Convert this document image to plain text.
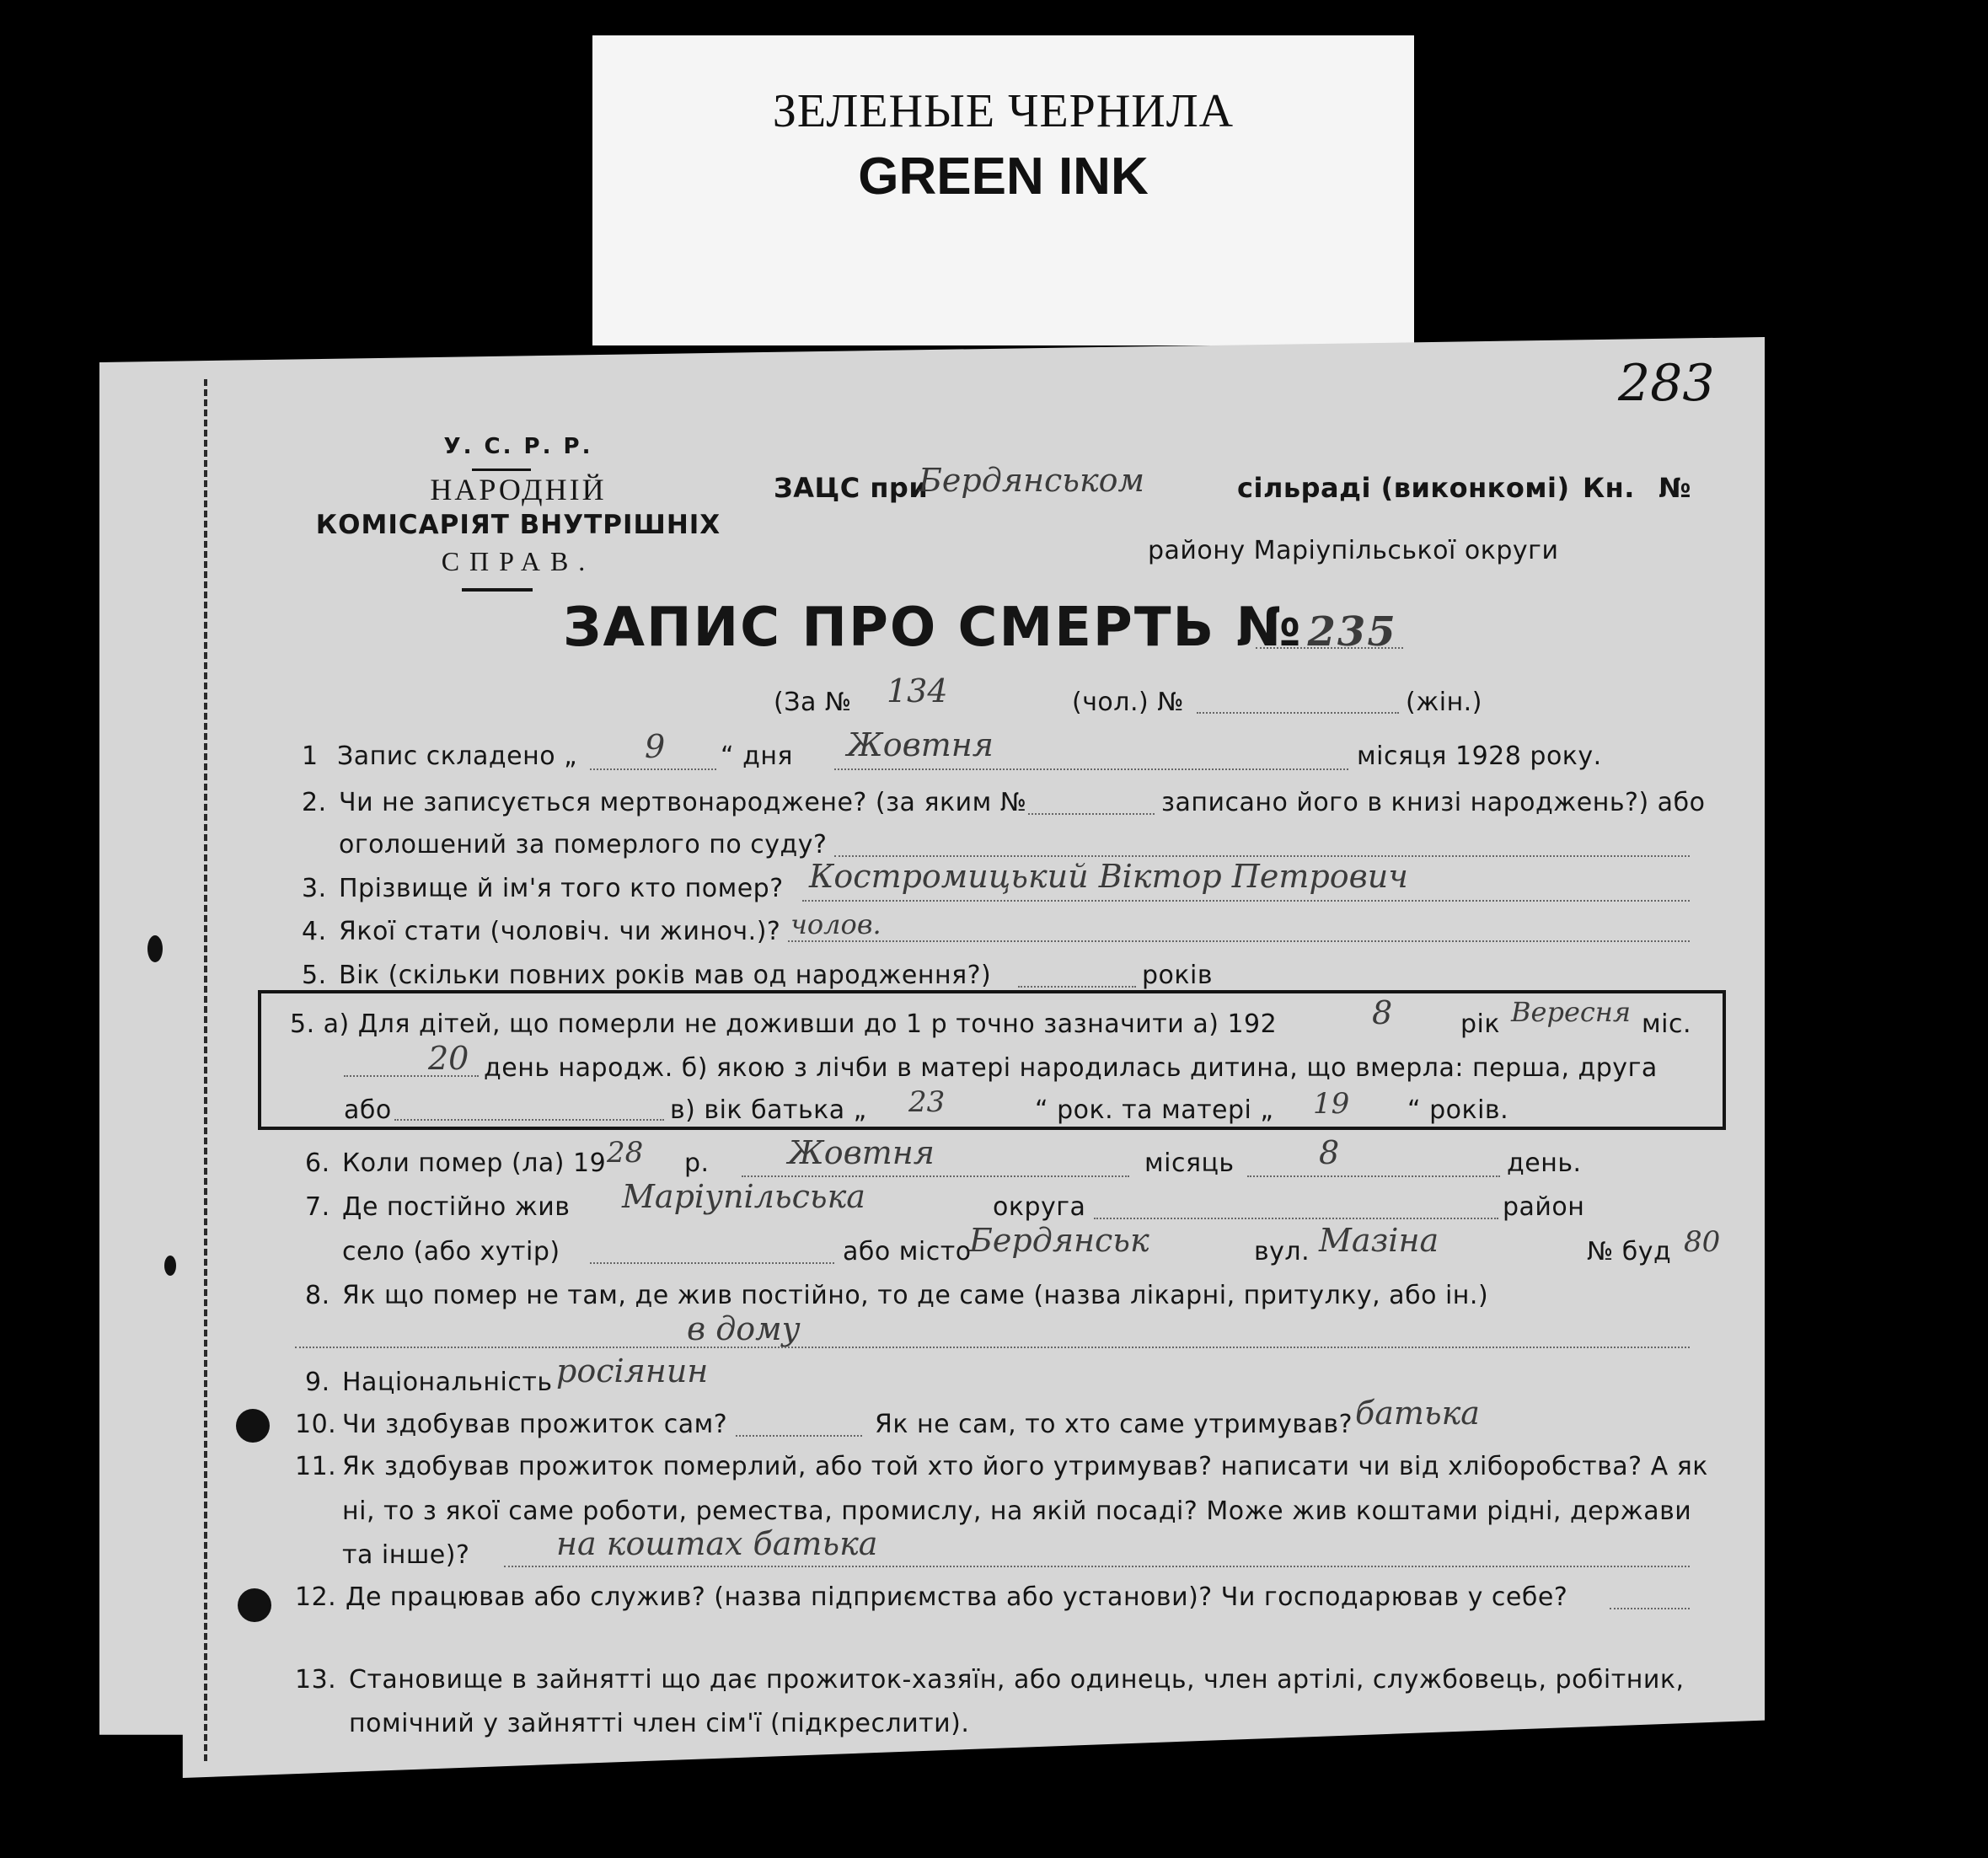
ЗЕЛЕНЫЕ ЧЕРНИЛА
GREEN INK
283
У. С. Р. Р.
НАРОДНІЙ
КОМІСАРІЯТ ВНУТРІШНІХ
СПРАВ.
ЗАЦС при
Бердянськом	сільраді (виконкомі) Кн. №
району Маріупільської округи
ЗАПИС ПРО СМЕРТЬ № 235
(За № 134	(чол.) №	(жін.)
1 Запис складено „ 9 “ дня Жовтня	місяця 1928 року.
2. Чи не записується мертвонароджене? (за яким №	записано його в книзі народжень?) або
оголошений за померлого по суду?
3. Прізвище й ім'я того кто помер? Костромицький Віктор Петрович
4. Якої стати (чоловіч. чи жиноч.)? чолов.
5. Вік (скільки повних років мав од народження?)	років
5. а) Для дітей, що померли не доживши до 1 р точно зазначити а) 192	8	рік Вересня міс.
20 день народж. б) якою з лічби в матері народилась дитина, що вмерла: перша, друга
або	в) вік батька „ 23	“ рок. та матері „ 19 “ років.
6. Коли помер (ла) 19 28 р. Жовтня	місяць	8	день.
7. Де постійно жив Маріупільська	округа	район
село (або хутір)	або місто
Бердянськ	вул. Мазіна	№ буд 80
8. Як що помер не там, де жив постійно, то де саме (назва лікарні, притулку, або ін.)
в дому
9. Національність росіянин
10. Чи здобував прожиток сам?	Як не сам, то хто саме утримував? батька
11. Як здобував прожиток померлий, або той хто його утримував? написати чи від хліборобства? А як
ні, то з якої саме роботи, ремества, промислу, на якій посаді? Може жив коштами рідні, держави
та інше)?	на коштах батька
12. Де працював або служив? (назва підприємства або установи)? Чи господарював у себе?
13. Становище в зайнятті що дає прожиток-хазяїн, або одинець, член артілі, службовець, робітник,
помічний у зайнятті член сім'ї (підкреслити).
